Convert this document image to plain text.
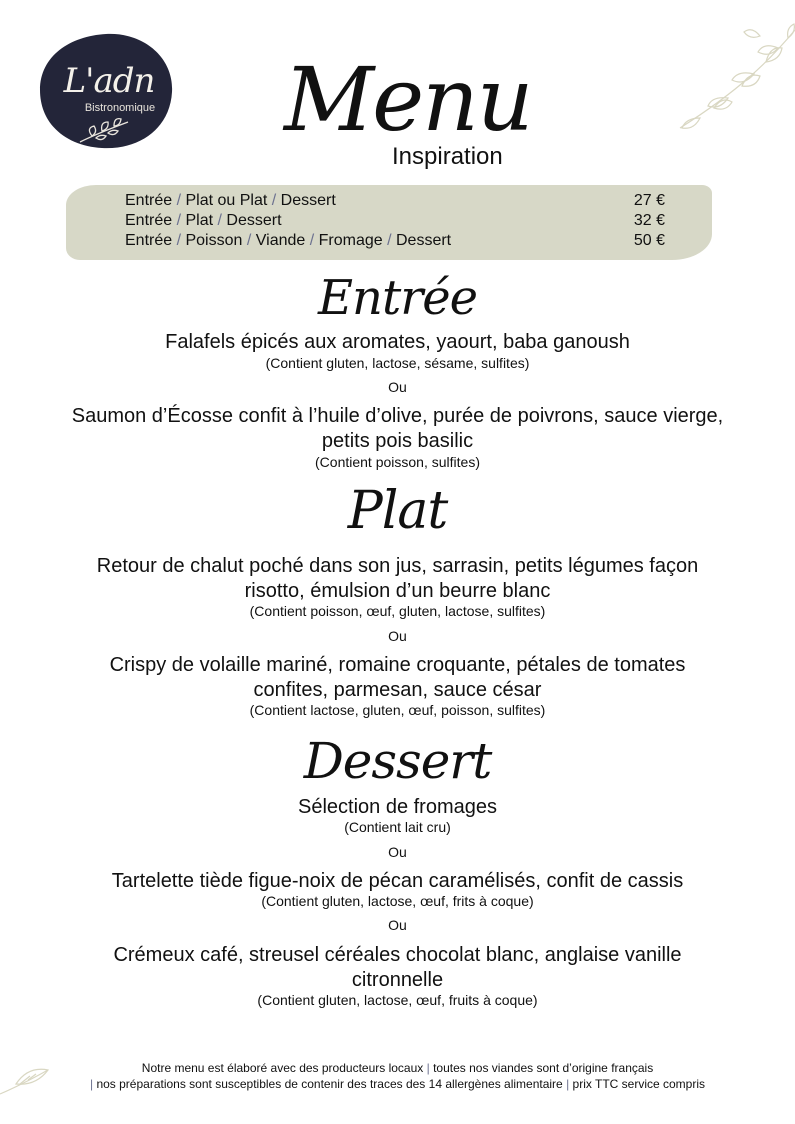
L'adn
Bistronomique Menu
Inspiration
Entrée / Plat ou Plat / Dessert	27 €
Entrée / Plat / Dessert	32 €
Entrée / Poisson / Viande / Fromage / Dessert	50 €
Entrée
Falafels épicés aux aromates, yaourt, baba ganoush
(Contient gluten, lactose, sésame, sulfites)
Ou
Saumon d’Écosse confit à l’huile d’olive, purée de poivrons, sauce vierge,
petits pois basilic
(Contient poisson, sulfites)
Plat
Retour de chalut poché dans son jus, sarrasin, petits légumes façon
risotto, émulsion d’un beurre blanc
(Contient poisson, œuf, gluten, lactose, sulfites)
Ou
Crispy de volaille mariné, romaine croquante, pétales de tomates
confites, parmesan, sauce césar
(Contient lactose, gluten, œuf, poisson, sulfites)
Dessert
Sélection de fromages
(Contient lait cru)
Ou
Tartelette tiède figue-noix de pécan caramélisés, confit de cassis
(Contient gluten, lactose, œuf, frits à coque)
Ou
Crémeux café, streusel céréales chocolat blanc, anglaise vanille
citronnelle
(Contient gluten, lactose, œuf, fruits à coque)
Notre menu est élaboré avec des producteurs locaux | toutes nos viandes sont d’origine français
| nos préparations sont susceptibles de contenir des traces des 14 allergènes alimentaire | prix TTC service compris
